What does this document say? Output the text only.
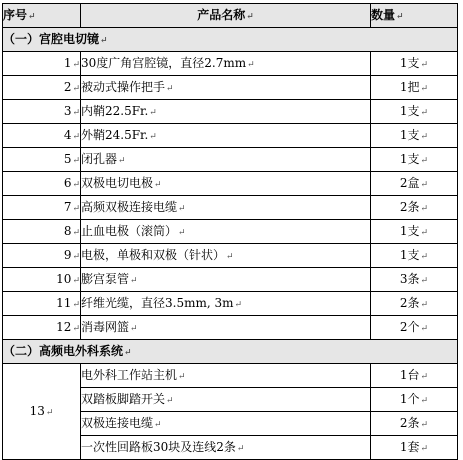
序号↵	产品名称↵	数量↵
（一）宫腔电切镜↵		
1↵	30度广角宫腔镜，直径2.7mm↵	1支↵
2↵	被动式操作把手↵	1把↵
3↵	内鞘22.5Fr.↵	1支↵
4↵	外鞘24.5Fr.↵	1支↵
5↵	闭孔器↵	1支↵
6↵	双极电切电极↵	2盒↵
7↵	高频双极连接电缆↵	2条↵
8↵	止血电极（滚筒）↵	1支↵
9↵	电极，单极和双极（针状）↵	1支↵
10↵	膨宫泵管↵	3条↵
11↵	纤维光缆，直径3.5mm, 3m↵	2条↵
12↵	消毒网篮↵	2个↵
（二）高频电外科系统↵		
13↵	电外科工作站主机↵	1台↵
	双踏板脚踏开关↵	1个↵
	双极连接电缆↵	2条↵
	一次性回路板30块及连线2条↵	1套↵
